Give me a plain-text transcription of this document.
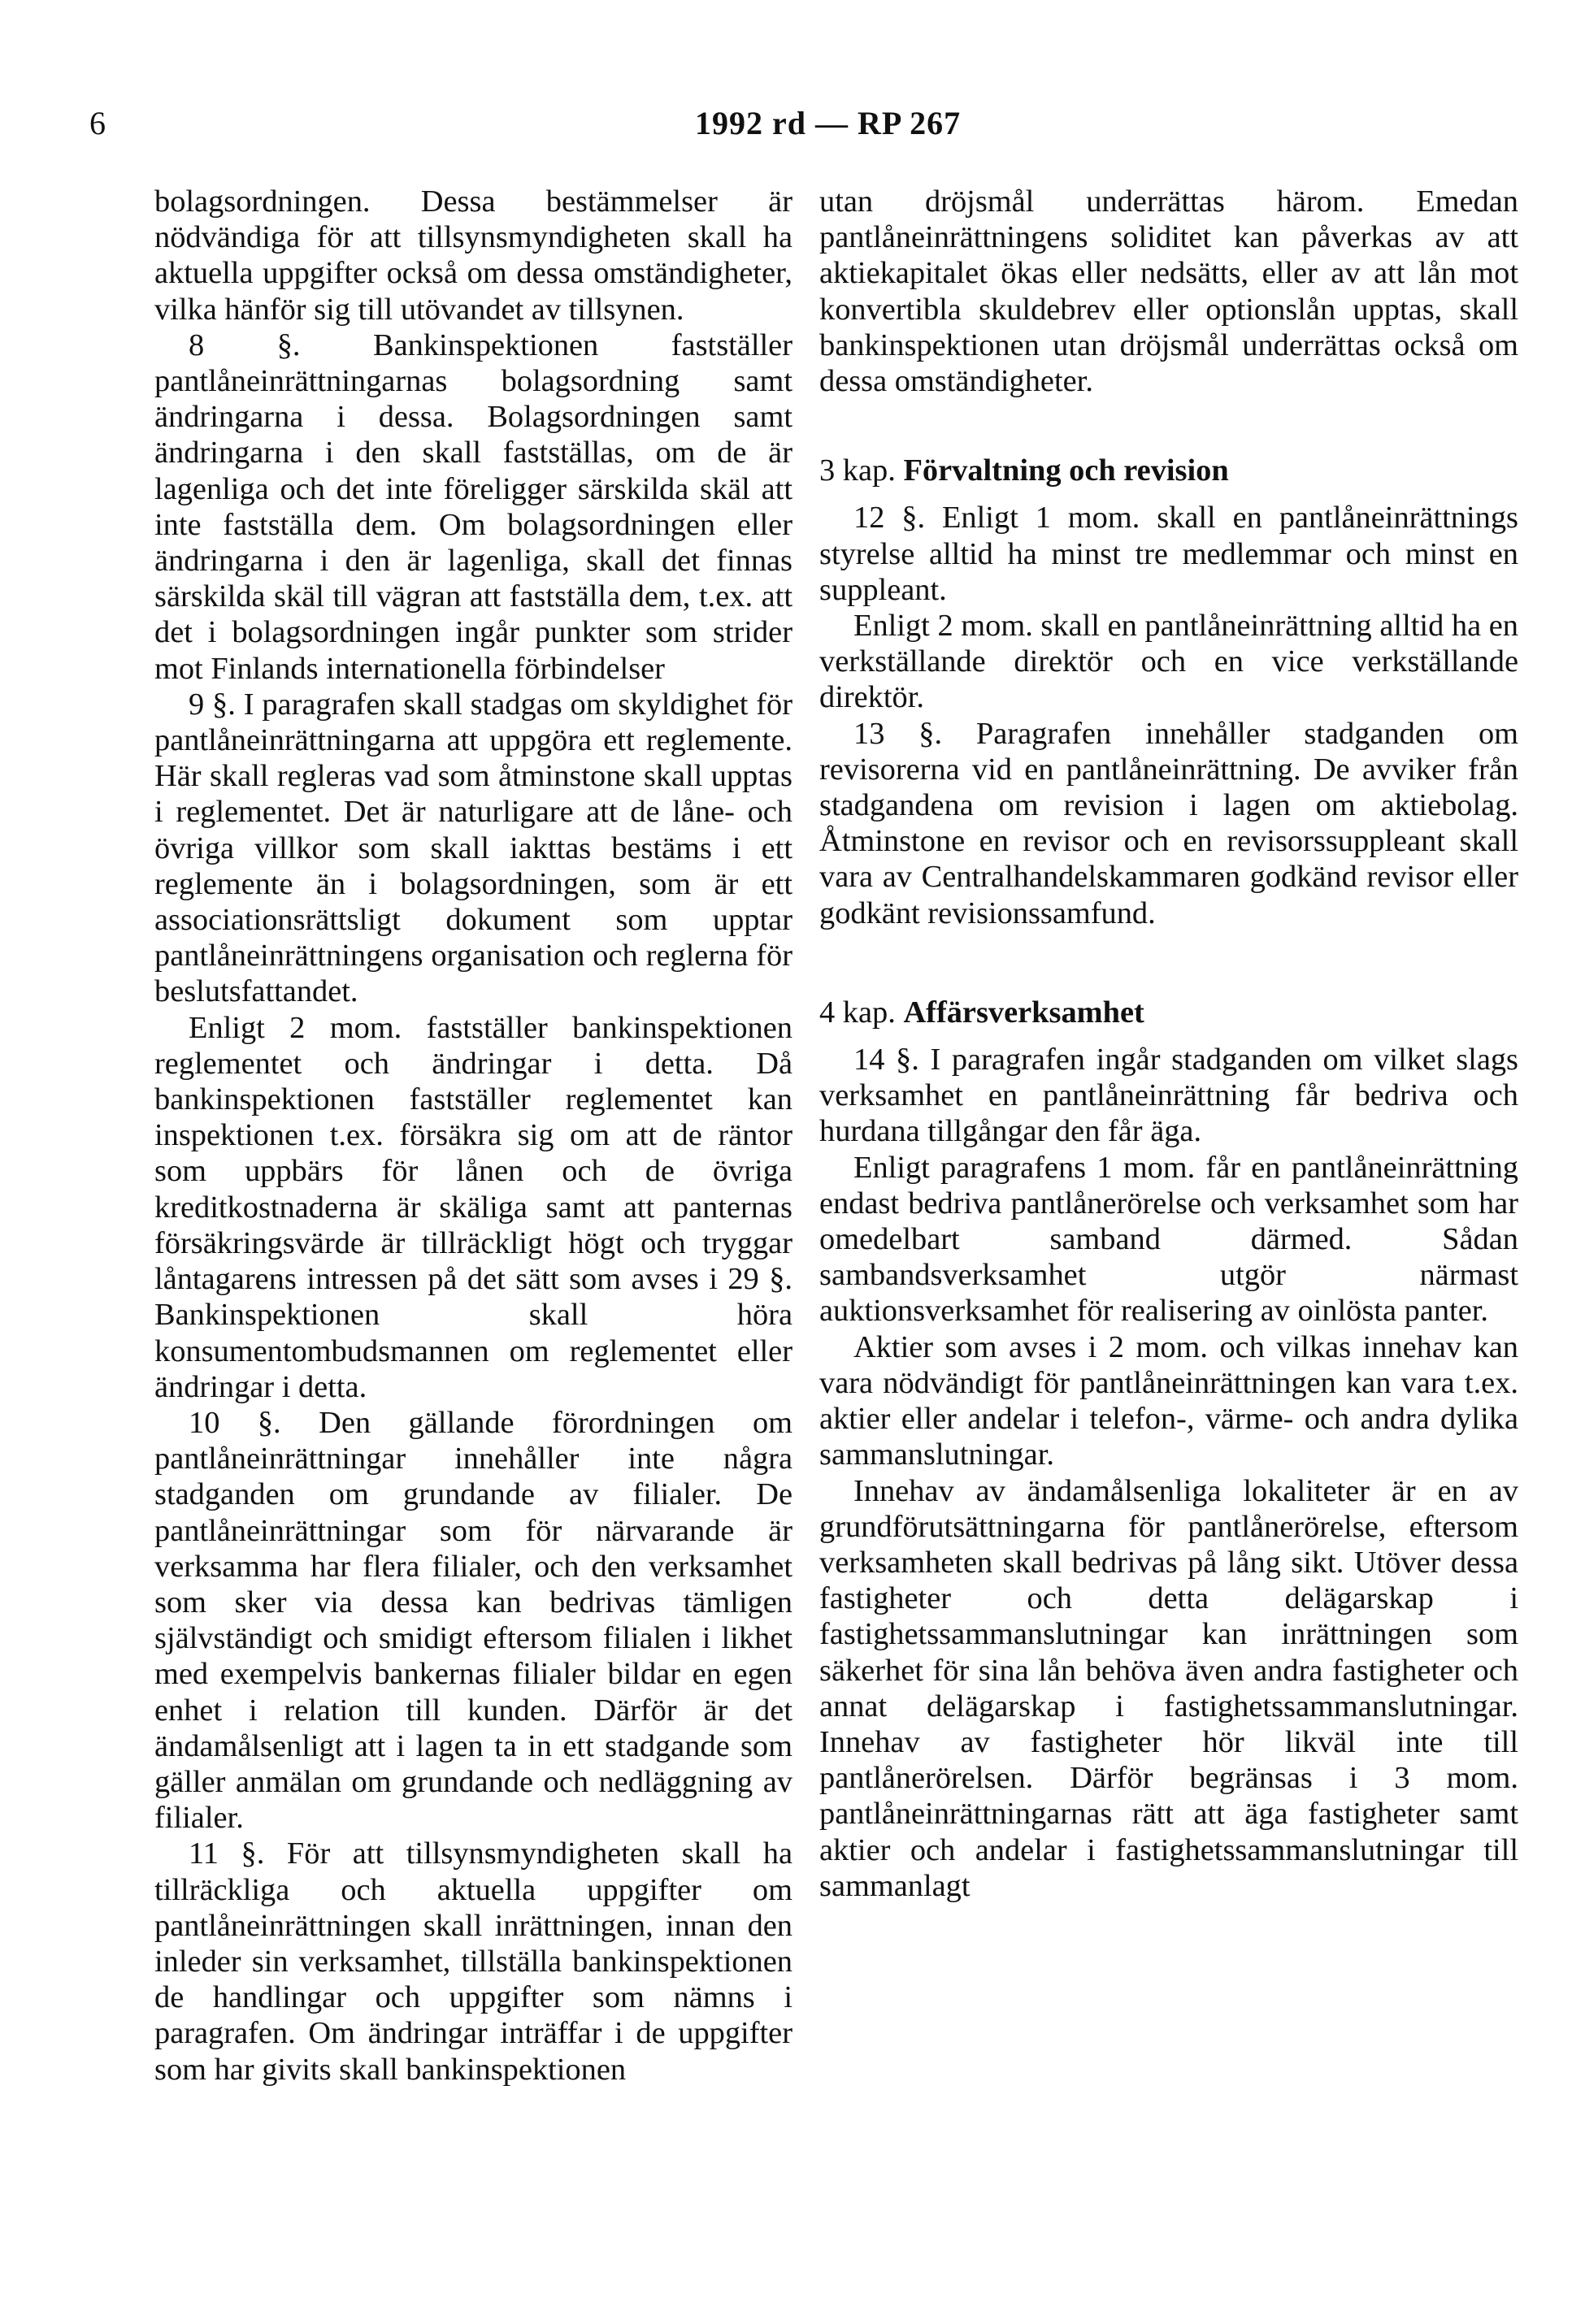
6	1992 rd — RP 267

bolagsordningen. Dessa bestämmelser är nödvändiga för att tillsynsmyndigheten skall ha aktuella uppgifter också om dessa omständigheter, vilka hänför sig till utövandet av tillsynen.

8 §. Bankinspektionen fastställer pantlåneinrättningarnas bolagsordning samt ändringarna i dessa. Bolagsordningen samt ändringarna i den skall fastställas, om de är lagenliga och det inte föreligger särskilda skäl att inte fastställa dem. Om bolagsordningen eller ändringarna i den är lagenliga, skall det finnas särskilda skäl till vägran att fastställa dem, t.ex. att det i bolagsordningen ingår punkter som strider mot Finlands internationella förbindelser

9 §. I paragrafen skall stadgas om skyldighet för pantlåneinrättningarna att uppgöra ett reglemente. Här skall regleras vad som åtminstone skall upptas i reglementet. Det är naturligare att de låne- och övriga villkor som skall iakttas bestäms i ett reglemente än i bolagsordningen, som är ett associationsrättsligt dokument som upptar pantlåneinrättningens organisation och reglerna för beslutsfattandet.

Enligt 2 mom. fastställer bankinspektionen reglementet och ändringar i detta. Då bankinspektionen fastställer reglementet kan inspektionen t.ex. försäkra sig om att de räntor som uppbärs för lånen och de övriga kreditkostnaderna är skäliga samt att panternas försäkringsvärde är tillräckligt högt och tryggar låntagarens intressen på det sätt som avses i 29 §. Bankinspektionen skall höra konsumentombudsmannen om reglementet eller ändringar i detta.

10 §. Den gällande förordningen om pantlåneinrättningar innehåller inte några stadganden om grundande av filialer. De pantlåneinrättningar som för närvarande är verksamma har flera filialer, och den verksamhet som sker via dessa kan bedrivas tämligen självständigt och smidigt eftersom filialen i likhet med exempelvis bankernas filialer bildar en egen enhet i relation till kunden. Därför är det ändamålsenligt att i lagen ta in ett stadgande som gäller anmälan om grundande och nedläggning av filialer.

11 §. För att tillsynsmyndigheten skall ha tillräckliga och aktuella uppgifter om pantlåneinrättningen skall inrättningen, innan den inleder sin verksamhet, tillställa bankinspektionen de handlingar och uppgifter som nämns i paragrafen. Om ändringar inträffar i de uppgifter som har givits skall bankinspektionen

utan dröjsmål underrättas härom. Emedan pantlåneinrättningens soliditet kan påverkas av att aktiekapitalet ökas eller nedsätts, eller av att lån mot konvertibla skuldebrev eller optionslån upptas, skall bankinspektionen utan dröjsmål underrättas också om dessa omständigheter.

3 kap. Förvaltning och revision

12 §. Enligt 1 mom. skall en pantlåneinrättnings styrelse alltid ha minst tre medlemmar och minst en suppleant.

Enligt 2 mom. skall en pantlåneinrättning alltid ha en verkställande direktör och en vice verkställande direktör.

13 §. Paragrafen innehåller stadganden om revisorerna vid en pantlåneinrättning. De avviker från stadgandena om revision i lagen om aktiebolag. Åtminstone en revisor och en revisorssuppleant skall vara av Centralhandelskammaren godkänd revisor eller godkänt revisionssamfund.

4 kap. Affärsverksamhet

14 §. I paragrafen ingår stadganden om vilket slags verksamhet en pantlåneinrättning får bedriva och hurdana tillgångar den får äga.

Enligt paragrafens 1 mom. får en pantlåneinrättning endast bedriva pantlånerörelse och verksamhet som har omedelbart samband därmed. Sådan sambandsverksamhet utgör närmast auktionsverksamhet för realisering av oinlösta panter.

Aktier som avses i 2 mom. och vilkas innehav kan vara nödvändigt för pantlåneinrättningen kan vara t.ex. aktier eller andelar i telefon-, värme- och andra dylika sammanslutningar.

Innehav av ändamålsenliga lokaliteter är en av grundförutsättningarna för pantlånerörelse, eftersom verksamheten skall bedrivas på lång sikt. Utöver dessa fastigheter och detta delägarskap i fastighetssammanslutningar kan inrättningen som säkerhet för sina lån behöva även andra fastigheter och annat delägarskap i fastighetssammanslutningar. Innehav av fastigheter hör likväl inte till pantlånerörelsen. Därför begränsas i 3 mom. pantlåneinrättningarnas rätt att äga fastigheter samt aktier och andelar i fastighetssammanslutningar till sammanlagt
